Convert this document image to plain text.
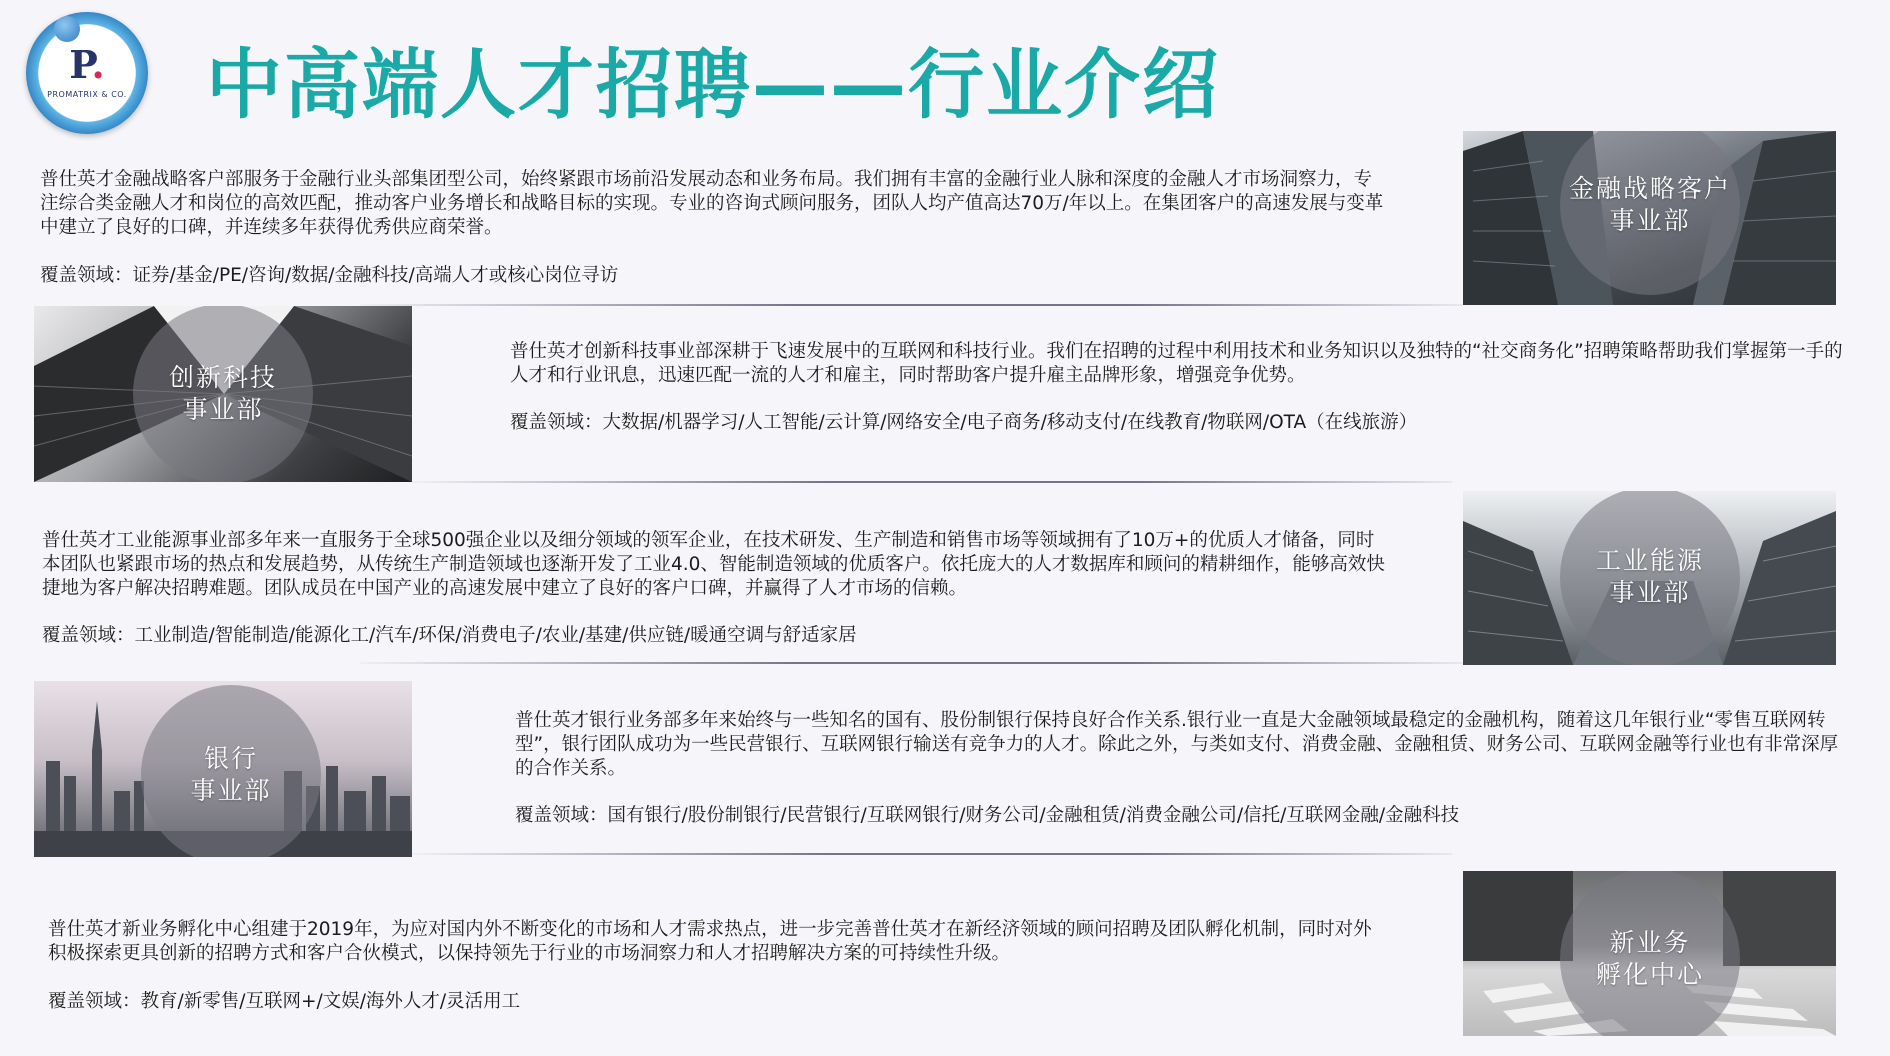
P.
PROMATRIX & CO. 中高端人才招聘——行业介绍

普仕英才金融战略客户部服务于金融行业头部集团型公司，始终紧跟市场前沿发展动态和业务布局。我们拥有丰富的金融行业人脉和深度的金融人才市场洞察力，专注综合类金融人才和岗位的高效匹配，推动客户业务增长和战略目标的实现。专业的咨询式顾问服务，团队人均产值高达70万/年以上。在集团客户的高速发展与变革中建立了良好的口碑，并连续多年获得优秀供应商荣誉。

覆盖领域：证券/基金/PE/咨询/数据/金融科技/高端人才或核心岗位寻访

金融战略客户
事业部
创新科技
事业部

普仕英才创新科技事业部深耕于飞速发展中的互联网和科技行业。我们在招聘的过程中利用技术和业务知识以及独特的“社交商务化”招聘策略帮助我们掌握第一手的人才和行业讯息，迅速匹配一流的人才和雇主，同时帮助客户提升雇主品牌形象，增强竞争优势。

覆盖领域：大数据/机器学习/人工智能/云计算/网络安全/电子商务/移动支付/在线教育/物联网/OTA（在线旅游）

普仕英才工业能源事业部多年来一直服务于全球500强企业以及细分领域的领军企业，在技术研发、生产制造和销售市场等领域拥有了10万+的优质人才储备，同时本团队也紧跟市场的热点和发展趋势，从传统生产制造领域也逐渐开发了工业4.0、智能制造领域的优质客户。依托庞大的人才数据库和顾问的精耕细作，能够高效快捷地为客户解决招聘难题。团队成员在中国产业的高速发展中建立了良好的客户口碑，并赢得了人才市场的信赖。

覆盖领域：工业制造/智能制造/能源化工/汽车/环保/消费电子/农业/基建/供应链/暖通空调与舒适家居

工业能源
事业部
银行
事业部

普仕英才银行业务部多年来始终与一些知名的国有、股份制银行保持良好合作关系.银行业一直是大金融领域最稳定的金融机构，随着这几年银行业“零售互联网转型”，银行团队成功为一些民营银行、互联网银行输送有竞争力的人才。除此之外，与类如支付、消费金融、金融租赁、财务公司、互联网金融等行业也有非常深厚的合作关系。

覆盖领域：国有银行/股份制银行/民营银行/互联网银行/财务公司/金融租赁/消费金融公司/信托/互联网金融/金融科技

普仕英才新业务孵化中心组建于2019年，为应对国内外不断变化的市场和人才需求热点，进一步完善普仕英才在新经济领域的顾问招聘及团队孵化机制，同时对外积极探索更具创新的招聘方式和客户合伙模式，以保持领先于行业的市场洞察力和人才招聘解决方案的可持续性升级。

覆盖领域：教育/新零售/互联网+/文娱/海外人才/灵活用工

新业务
孵化中心
